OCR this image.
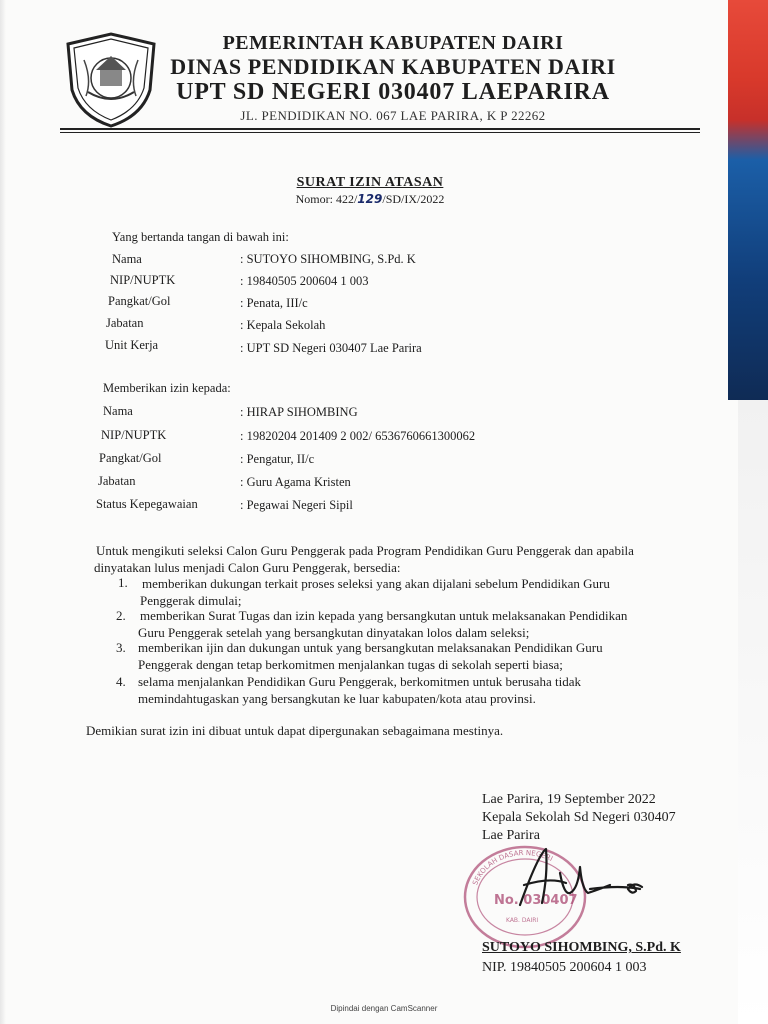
PEMERINTAH KABUPATEN DAIRI
DINAS PENDIDIKAN KABUPATEN DAIRI
UPT SD NEGERI 030407 LAEPARIRA
JL. PENDIDIKAN NO. 067 LAE PARIRA, K P 22262
SURAT IZIN ATASAN
Nomor: 422/129/SD/IX/2022
Yang bertanda tangan di bawah ini:
Nama	: SUTOYO SIHOMBING, S.Pd. K
NIP/NUPTK	: 19840505 200604 1 003
Pangkat/Gol	: Penata, III/c
Jabatan	: Kepala Sekolah
Unit Kerja	: UPT SD Negeri 030407 Lae Parira
Memberikan izin kepada:
Nama	: HIRAP SIHOMBING
NIP/NUPTK	: 19820204 201409 2 002/ 6536760661300062
Pangkat/Gol	: Pengatur, II/c
Jabatan	: Guru Agama Kristen
Status Kepegawaian	: Pegawai Negeri Sipil
Untuk mengikuti seleksi Calon Guru Penggerak pada Program Pendidikan Guru Penggerak dan apabila
dinyatakan lulus menjadi Calon Guru Penggerak, bersedia:
1. memberikan dukungan terkait proses seleksi yang akan dijalani sebelum Pendidikan Guru
Penggerak dimulai;
2. memberikan Surat Tugas dan izin kepada yang bersangkutan untuk melaksanakan Pendidikan
Guru Penggerak setelah yang bersangkutan dinyatakan lolos dalam seleksi;
3. memberikan ijin dan dukungan untuk yang bersangkutan melaksanakan Pendidikan Guru
Penggerak dengan tetap berkomitmen menjalankan tugas di sekolah seperti biasa;
4. selama menjalankan Pendidikan Guru Penggerak, berkomitmen untuk berusaha tidak
memindahtugaskan yang bersangkutan ke luar kabupaten/kota atau provinsi.
Demikian surat izin ini dibuat untuk dapat dipergunakan sebagaimana mestinya.
Lae Parira, 19 September 2022
Kepala Sekolah Sd Negeri 030407
Lae Parira
SEKOLAH DASAR NEGERI
No. 030407
KAB. DAIRI
SUTOYO SIHOMBING, S.Pd. K
NIP. 19840505 200604 1 003
Dipindai dengan CamScanner
